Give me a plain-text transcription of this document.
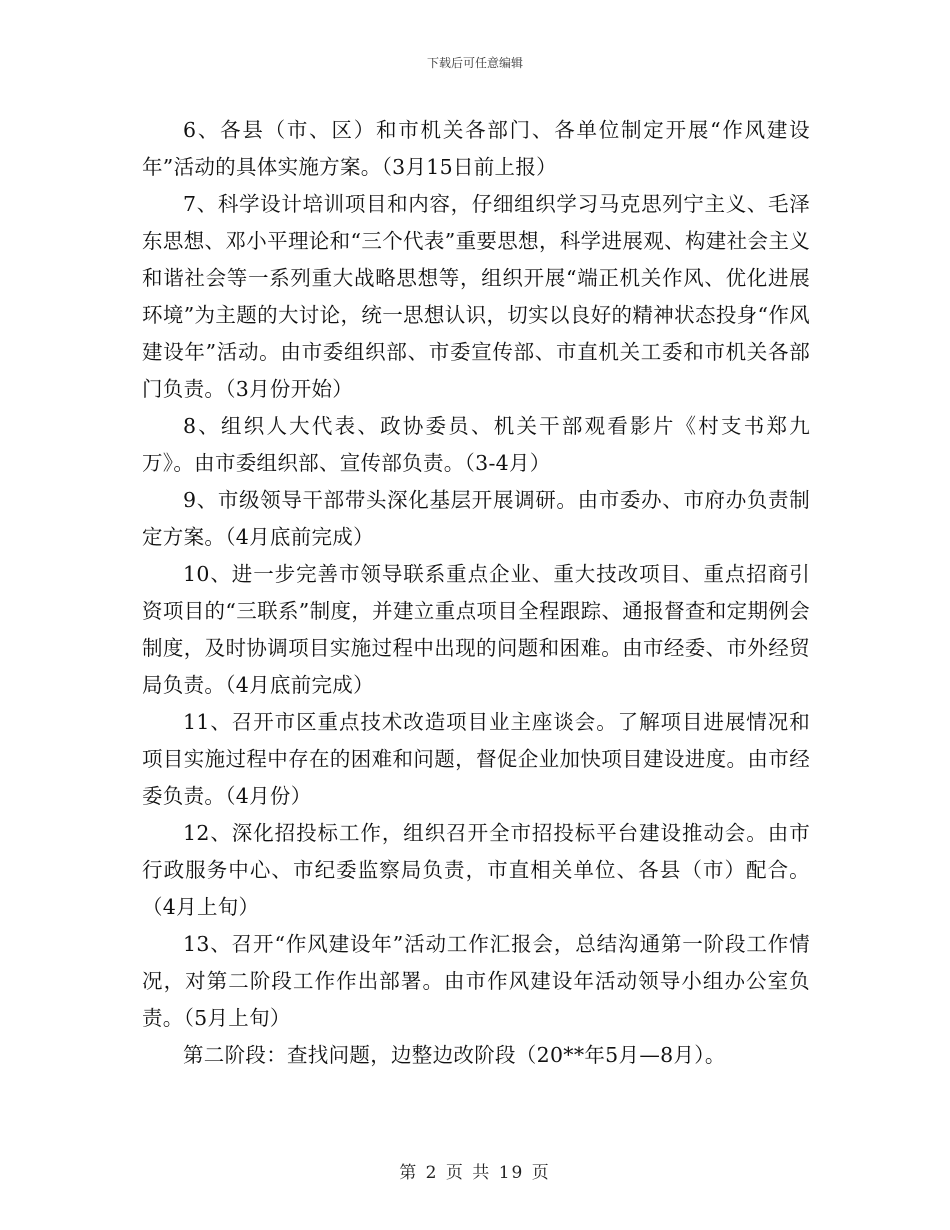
下载后可任意编辑

6、各县（市、区）和市机关各部门、各单位制定开展“作风建设年”活动的具体实施方案。（3月15日前上报）

7、科学设计培训项目和内容，仔细组织学习马克思列宁主义、毛泽东思想、邓小平理论和“三个代表”重要思想，科学进展观、构建社会主义和谐社会等一系列重大战略思想等，组织开展“端正机关作风、优化进展环境”为主题的大讨论，统一思想认识，切实以良好的精神状态投身“作风建设年”活动。由市委组织部、市委宣传部、市直机关工委和市机关各部门负责。（3月份开始）

8、组织人大代表、政协委员、机关干部观看影片《村支书郑九万》。由市委组织部、宣传部负责。（3-4月）

9、市级领导干部带头深化基层开展调研。由市委办、市府办负责制定方案。（4月底前完成）

10、进一步完善市领导联系重点企业、重大技改项目、重点招商引资项目的“三联系”制度，并建立重点项目全程跟踪、通报督查和定期例会制度，及时协调项目实施过程中出现的问题和困难。由市经委、市外经贸局负责。（4月底前完成）

11、召开市区重点技术改造项目业主座谈会。了解项目进展情况和项目实施过程中存在的困难和问题，督促企业加快项目建设进度。由市经委负责。（4月份）

12、深化招投标工作，组织召开全市招投标平台建设推动会。由市行政服务中心、市纪委监察局负责，市直相关单位、各县（市）配合。（4月上旬）

13、召开“作风建设年”活动工作汇报会，总结沟通第一阶段工作情况，对第二阶段工作作出部署。由市作风建设年活动领导小组办公室负责。（5月上旬）

第二阶段：查找问题，边整边改阶段（20**年5月—8月）。

第 2 页 共 19 页
